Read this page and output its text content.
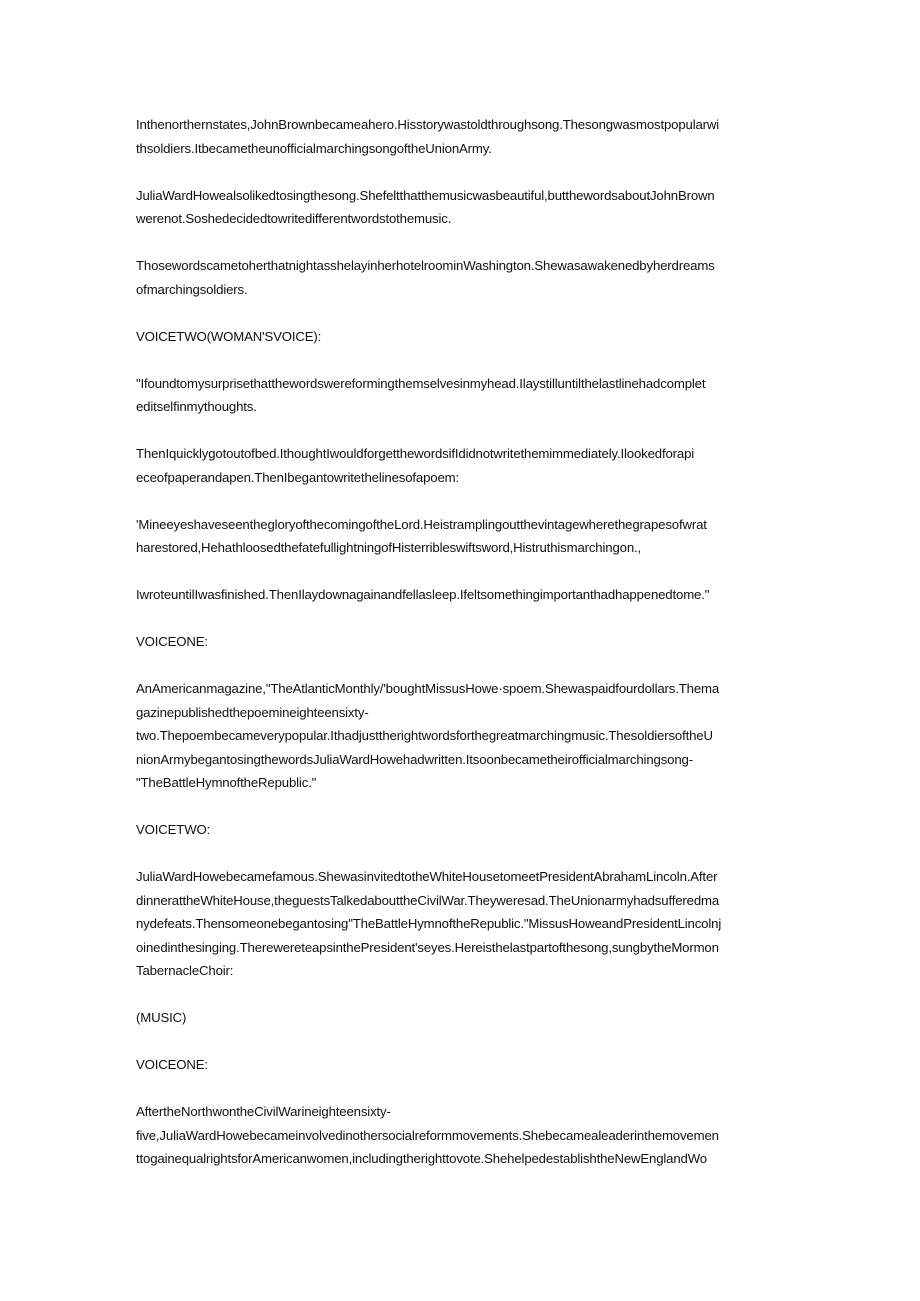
Inthenorthernstates,JohnBrownbecameahero.Hisstorywastoldthroughsong.Thesongwasmostpopularwi
thsoldiers.ItbecametheunofficialmarchingsongoftheUnionArmy.

JuliaWardHowealsolikedtosingthesong.Shefeltthatthemusicwasbeautiful,butthewordsaboutJohnBrown
werenot.Soshedecidedtowritedifferentwordstothemusic.

ThosewordscametoherthatnightasshelayinherhotelroominWashington.Shewasawakenedbyherdreams
ofmarchingsoldiers.

VOICETWO(WOMAN'SVOICE):

"Ifoundtomysurprisethatthewordswereformingthemselvesinmyhead.Ilaystilluntilthelastlinehadcomplet
editselfinmythoughts.

ThenIquicklygotoutofbed.IthoughtIwouldforgetthewordsifIdidnotwritethemimmediately.Ilookedforapi
eceofpaperandapen.ThenIbegantowritethelinesofapoem:

'MineeyeshaveseenthegloryofthecomingoftheLord.Heistramplingoutthevintagewherethegrapesofwrat
harestored,HehathloosedthefatefullightningofHisterribleswiftsword,Histruthismarchingon.,

IwroteuntilIwasfinished.ThenIlaydownagainandfellasleep.Ifeltsomethingimportanthadhappenedtome."

VOICEONE:

AnAmericanmagazine,"TheAtlanticMonthly/'boughtMissusHowe·spoem.Shewaspaidfourdollars.Thema
gazinepublishedthepoemineighteensixty-
two.Thepoembecameverypopular.Ithadjusttherightwordsforthegreatmarchingmusic.ThesoldiersoftheU
nionArmybegantosingthewordsJuliaWardHowehadwritten.Itsoonbecametheirofficialmarchingsong-
"TheBattleHymnoftheRepublic."

VOICETWO:

JuliaWardHowebecamefamous.ShewasinvitedtotheWhiteHousetomeetPresidentAbrahamLincoln.After
dinnerattheWhiteHouse,theguestsTalkedabouttheCivilWar.Theyweresad.TheUnionarmyhadsufferedma
nydefeats.Thensomeonebegantosing"TheBattleHymnoftheRepublic."MissusHoweandPresidentLincolnj
oinedinthesinging.TherewereteарsinthePresident'seyes.Hereisthelastpartofthesong,sungbytheMormon
TabernacleChoir:

(MUSIC)

VOICEONE:

AftertheNorthwontheCivilWarineighteensixty-
five,JuliaWardHowebecameinvolvedinothersocialreformmovements.Shebecamealeaderinthemovemen
ttogainequalrightsforAmericanwomen,includingtherighttovote.ShehelpedestablishtheNewEnglandWo
